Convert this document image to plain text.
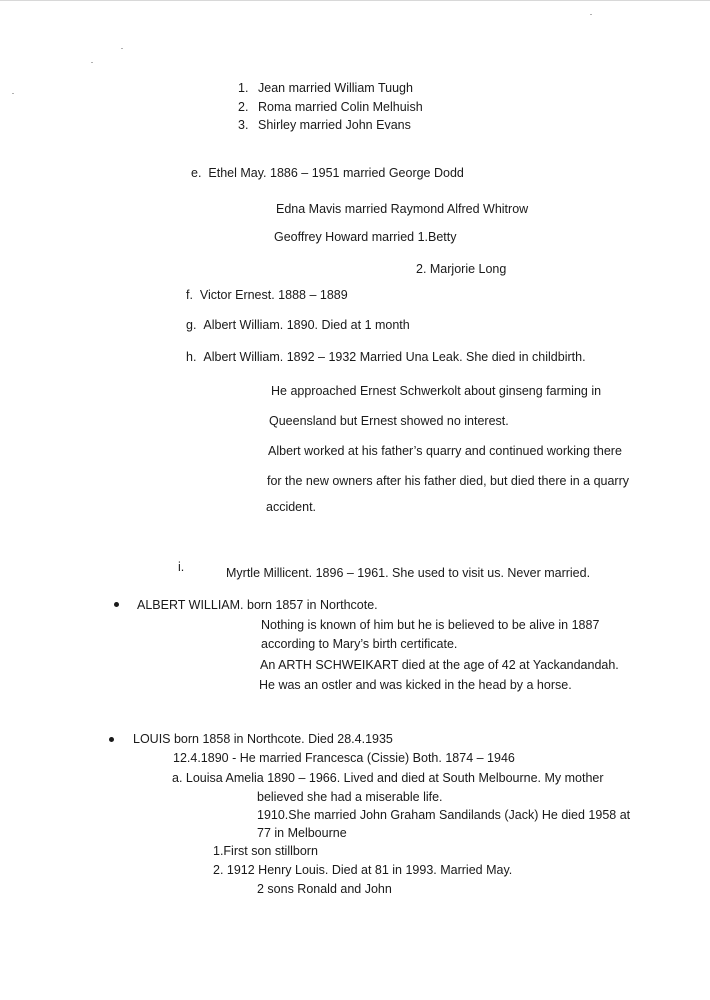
1. Jean married William Tuugh
2. Roma married Colin Melhuish
3. Shirley married John Evans
e. Ethel May. 1886 – 1951 married George Dodd
Edna Mavis married Raymond Alfred Whitrow
Geoffrey Howard married 1.Betty
2. Marjorie Long
f. Victor Ernest. 1888 – 1889
g. Albert William. 1890. Died at 1 month
h. Albert William. 1892 – 1932 Married Una Leak. She died in childbirth.
He approached Ernest Schwerkolt about ginseng farming in
Queensland but Ernest showed no interest.
Albert worked at his father’s quarry and continued working there
for the new owners after his father died, but died there in a quarry
accident.
i.	Myrtle Millicent. 1896 – 1961. She used to visit us. Never married.
ALBERT WILLIAM. born 1857 in Northcote.
Nothing is known of him but he is believed to be alive in 1887
according to Mary’s birth certificate.
An ARTH SCHWEIKART died at the age of 42 at Yackandandah.
He was an ostler and was kicked in the head by a horse.
LOUIS born 1858 in Northcote. Died 28.4.1935
12.4.1890 - He married Francesca (Cissie) Both. 1874 – 1946
a. Louisa Amelia 1890 – 1966. Lived and died at South Melbourne. My mother
believed she had a miserable life.
1910.She married John Graham Sandilands (Jack) He died 1958 at
77 in Melbourne
1.First son stillborn
2. 1912 Henry Louis. Died at 81 in 1993. Married May.
2 sons Ronald and John
